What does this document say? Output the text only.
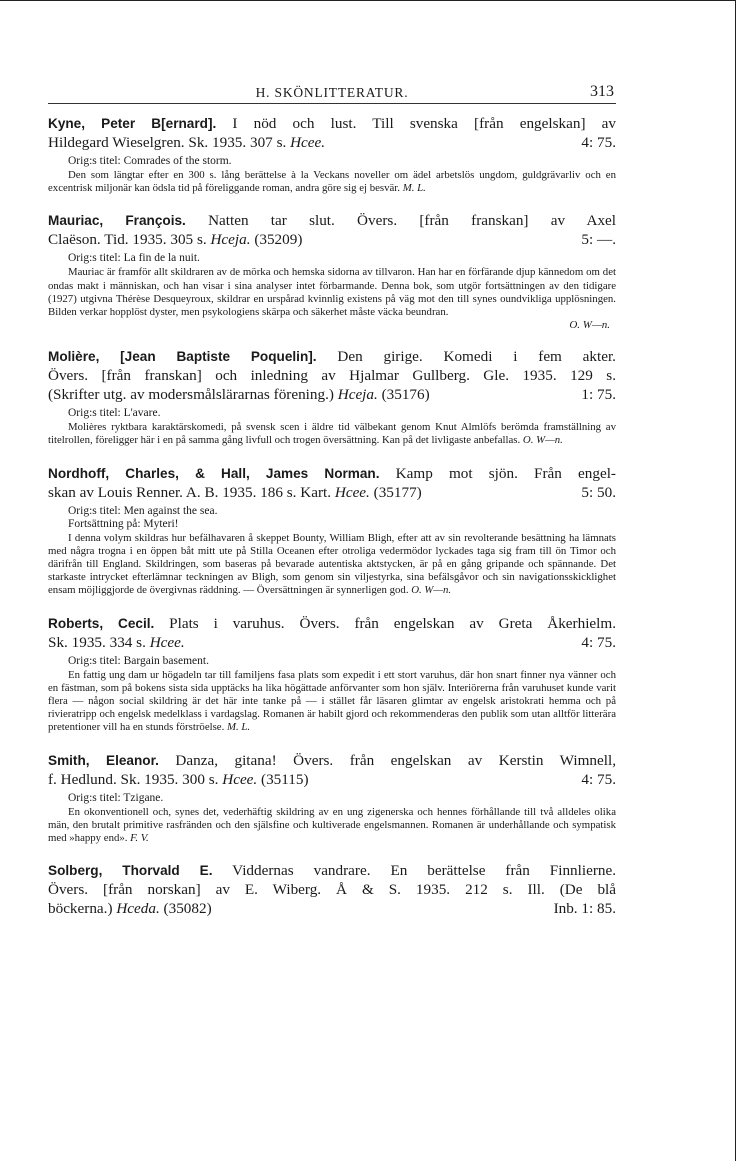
H. SKÖNLITTERATUR.	313
Kyne, Peter B[ernard]. I nöd och lust. Till svenska [från engelskan] av
Hildegard Wieselgren. Sk. 1935. 307 s. Hcee.	4: 75.
Orig:s titel: Comrades of the storm.
Den som längtar efter en 300 s. lång berättelse à la Veckans noveller om ädel arbetslös ungdom, guldgrävarliv och en excentrisk miljonär kan ödsla tid på föreliggande roman, andra göre sig ej besvär. M. L.
Mauriac, François. Natten tar slut. Övers. [från franskan] av Axel
Claëson. Tid. 1935. 305 s. Hceja. (35209)	5: —.
Orig:s titel: La fin de la nuit.
Mauriac är framför allt skildraren av de mörka och hemska sidorna av tillvaron. Han har en förfärande djup kännedom om det ondas makt i människan, och han visar i sina analyser intet förbarmande. Denna bok, som utgör fortsättningen av den tidigare (1927) utgivna Thérèse Desqueyroux, skildrar en urspårad kvinnlig existens på väg mot den till synes oundvikliga upplösningen. Bilden verkar hopplöst dyster, men psykologiens skärpa och säkerhet måste väcka beundran.
O. W—n.
Molière, [Jean Baptiste Poquelin]. Den girige. Komedi i fem akter.
Övers. [från franskan] och inledning av Hjalmar Gullberg. Gle. 1935. 129 s.
(Skrifter utg. av modersmålslärarnas förening.) Hceja. (35176)	1: 75.
Orig:s titel: L'avare.
Molières ryktbara karaktärskomedi, på svensk scen i äldre tid välbekant genom Knut Almlöfs berömda framställning av titelrollen, föreligger här i en på samma gång livfull och trogen översättning. Kan på det livligaste anbefallas. O. W—n.
Nordhoff, Charles, & Hall, James Norman. Kamp mot sjön. Från engel-
skan av Louis Renner. A. B. 1935. 186 s. Kart. Hcee. (35177)	5: 50.
Orig:s titel: Men against the sea.
Fortsättning på: Myteri!
I denna volym skildras hur befälhavaren å skeppet Bounty, William Bligh, efter att av sin revolterande besättning ha lämnats med några trogna i en öppen båt mitt ute på Stilla Oceanen efter otroliga vedermödor lyckades taga sig fram till ön Timor och därifrån till England. Skildringen, som baseras på bevarade autentiska aktstycken, är på en gång gripande och spännande. Det starkaste intrycket efterlämnar teckningen av Bligh, som genom sin viljestyrka, sina befälsgåvor och sin navigationsskicklighet ensam möjliggjorde de övergivnas räddning. — Översättningen är synnerligen god. O. W—n.
Roberts, Cecil. Plats i varuhus. Övers. från engelskan av Greta Åkerhielm.
Sk. 1935. 334 s. Hcee.	4: 75.
Orig:s titel: Bargain basement.
En fattig ung dam ur högadeln tar till familjens fasa plats som expedit i ett stort varuhus, där hon snart finner nya vänner och en fästman, som på bokens sista sida upptäcks ha lika högättade anförvanter som hon själv. Interiörerna från varuhuset kunde varit flera — någon social skildring är det här inte tanke på — i stället får läsaren glimtar av engelsk aristokrati hemma och på rivieratripp och engelsk medelklass i vardagslag. Romanen är habilt gjord och rekommenderas den publik som utan alltför litterära pretentioner vill ha en stunds förströelse. M. L.
Smith, Eleanor. Danza, gitana! Övers. från engelskan av Kerstin Wimnell,
f. Hedlund. Sk. 1935. 300 s. Hcee. (35115)	4: 75.
Orig:s titel: Tzigane.
En okonventionell och, synes det, vederhäftig skildring av en ung zigenerska och hennes förhållande till två alldeles olika män, den brutalt primitive rasfränden och den själsfine och kultiverade engelsmannen. Romanen är underhållande och sympatisk med »happy end». F. V.
Solberg, Thorvald E. Viddernas vandrare. En berättelse från Finnlierne.
Övers. [från norskan] av E. Wiberg. Å & S. 1935. 212 s. Ill. (De blå
böckerna.) Hceda. (35082)	Inb. 1: 85.
